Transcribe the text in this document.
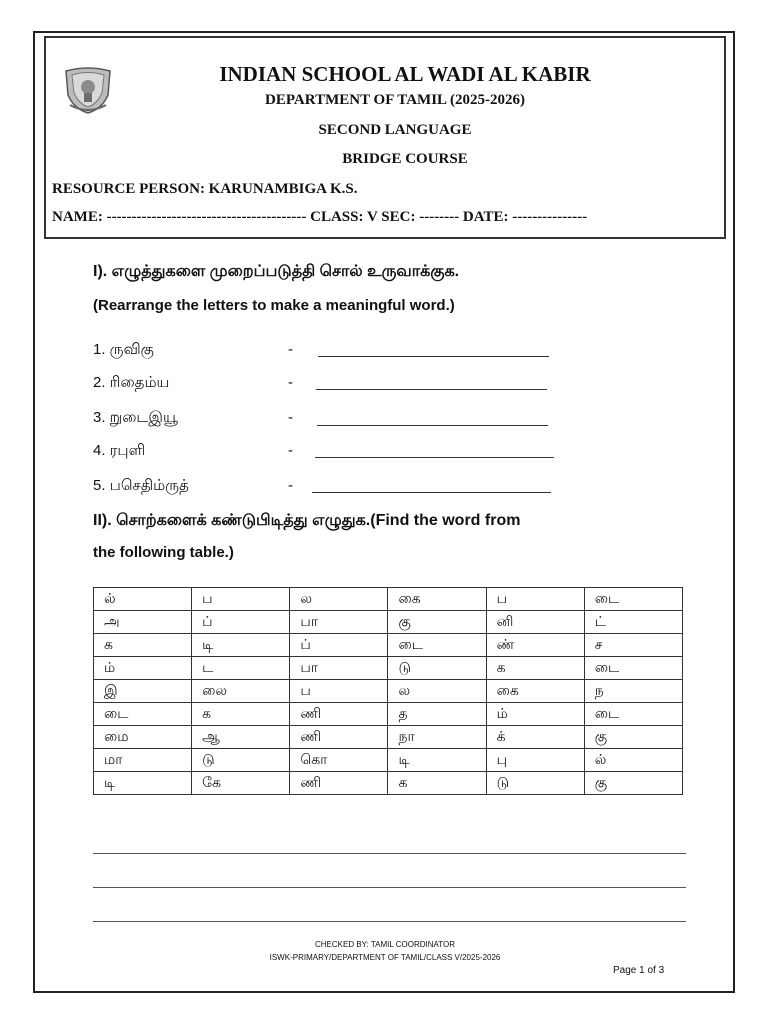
INDIAN SCHOOL AL WADI AL KABIR
DEPARTMENT OF TAMIL (2025-2026)
SECOND LANGUAGE
BRIDGE COURSE
RESOURCE PERSON: KARUNAMBIGA K.S.
NAME: ---------------------------------------- CLASS: V SEC: -------- DATE: ---------------
I). எழுத்துகளை முறைப்படுத்தி சொல் உருவாக்குக.
(Rearrange the letters to make a meaningful word.)
1. ருவிகு	-
2. ரிதைம்ய	-
3. றுடைஇயூ	-
4. ரபுளி	-
5. பசெதிம்ருத்	-
II). சொற்களைக் கண்டுபிடித்து எழுதுக.(Find the word from
the following table.)
ல்	ப	ல	கை	ப	டை
அ	ப்	பா	கு	னி	ட்
க	டி	ப்	டை	ண்	ச
ம்	ட	பா	டு	க	டை
இ	லை	ப	ல	கை	ந
டை	க	ணி	த	ம்	டை
மை	ஆ	ணி	நா	க்	கு
மா	டு	கொ	டி	பு	ல்
டி	கே	ணி	க	டு	கு
CHECKED BY: TAMIL COORDINATOR
ISWK-PRIMARY/DEPARTMENT OF TAMIL/CLASS V/2025-2026
Page 1 of 3
